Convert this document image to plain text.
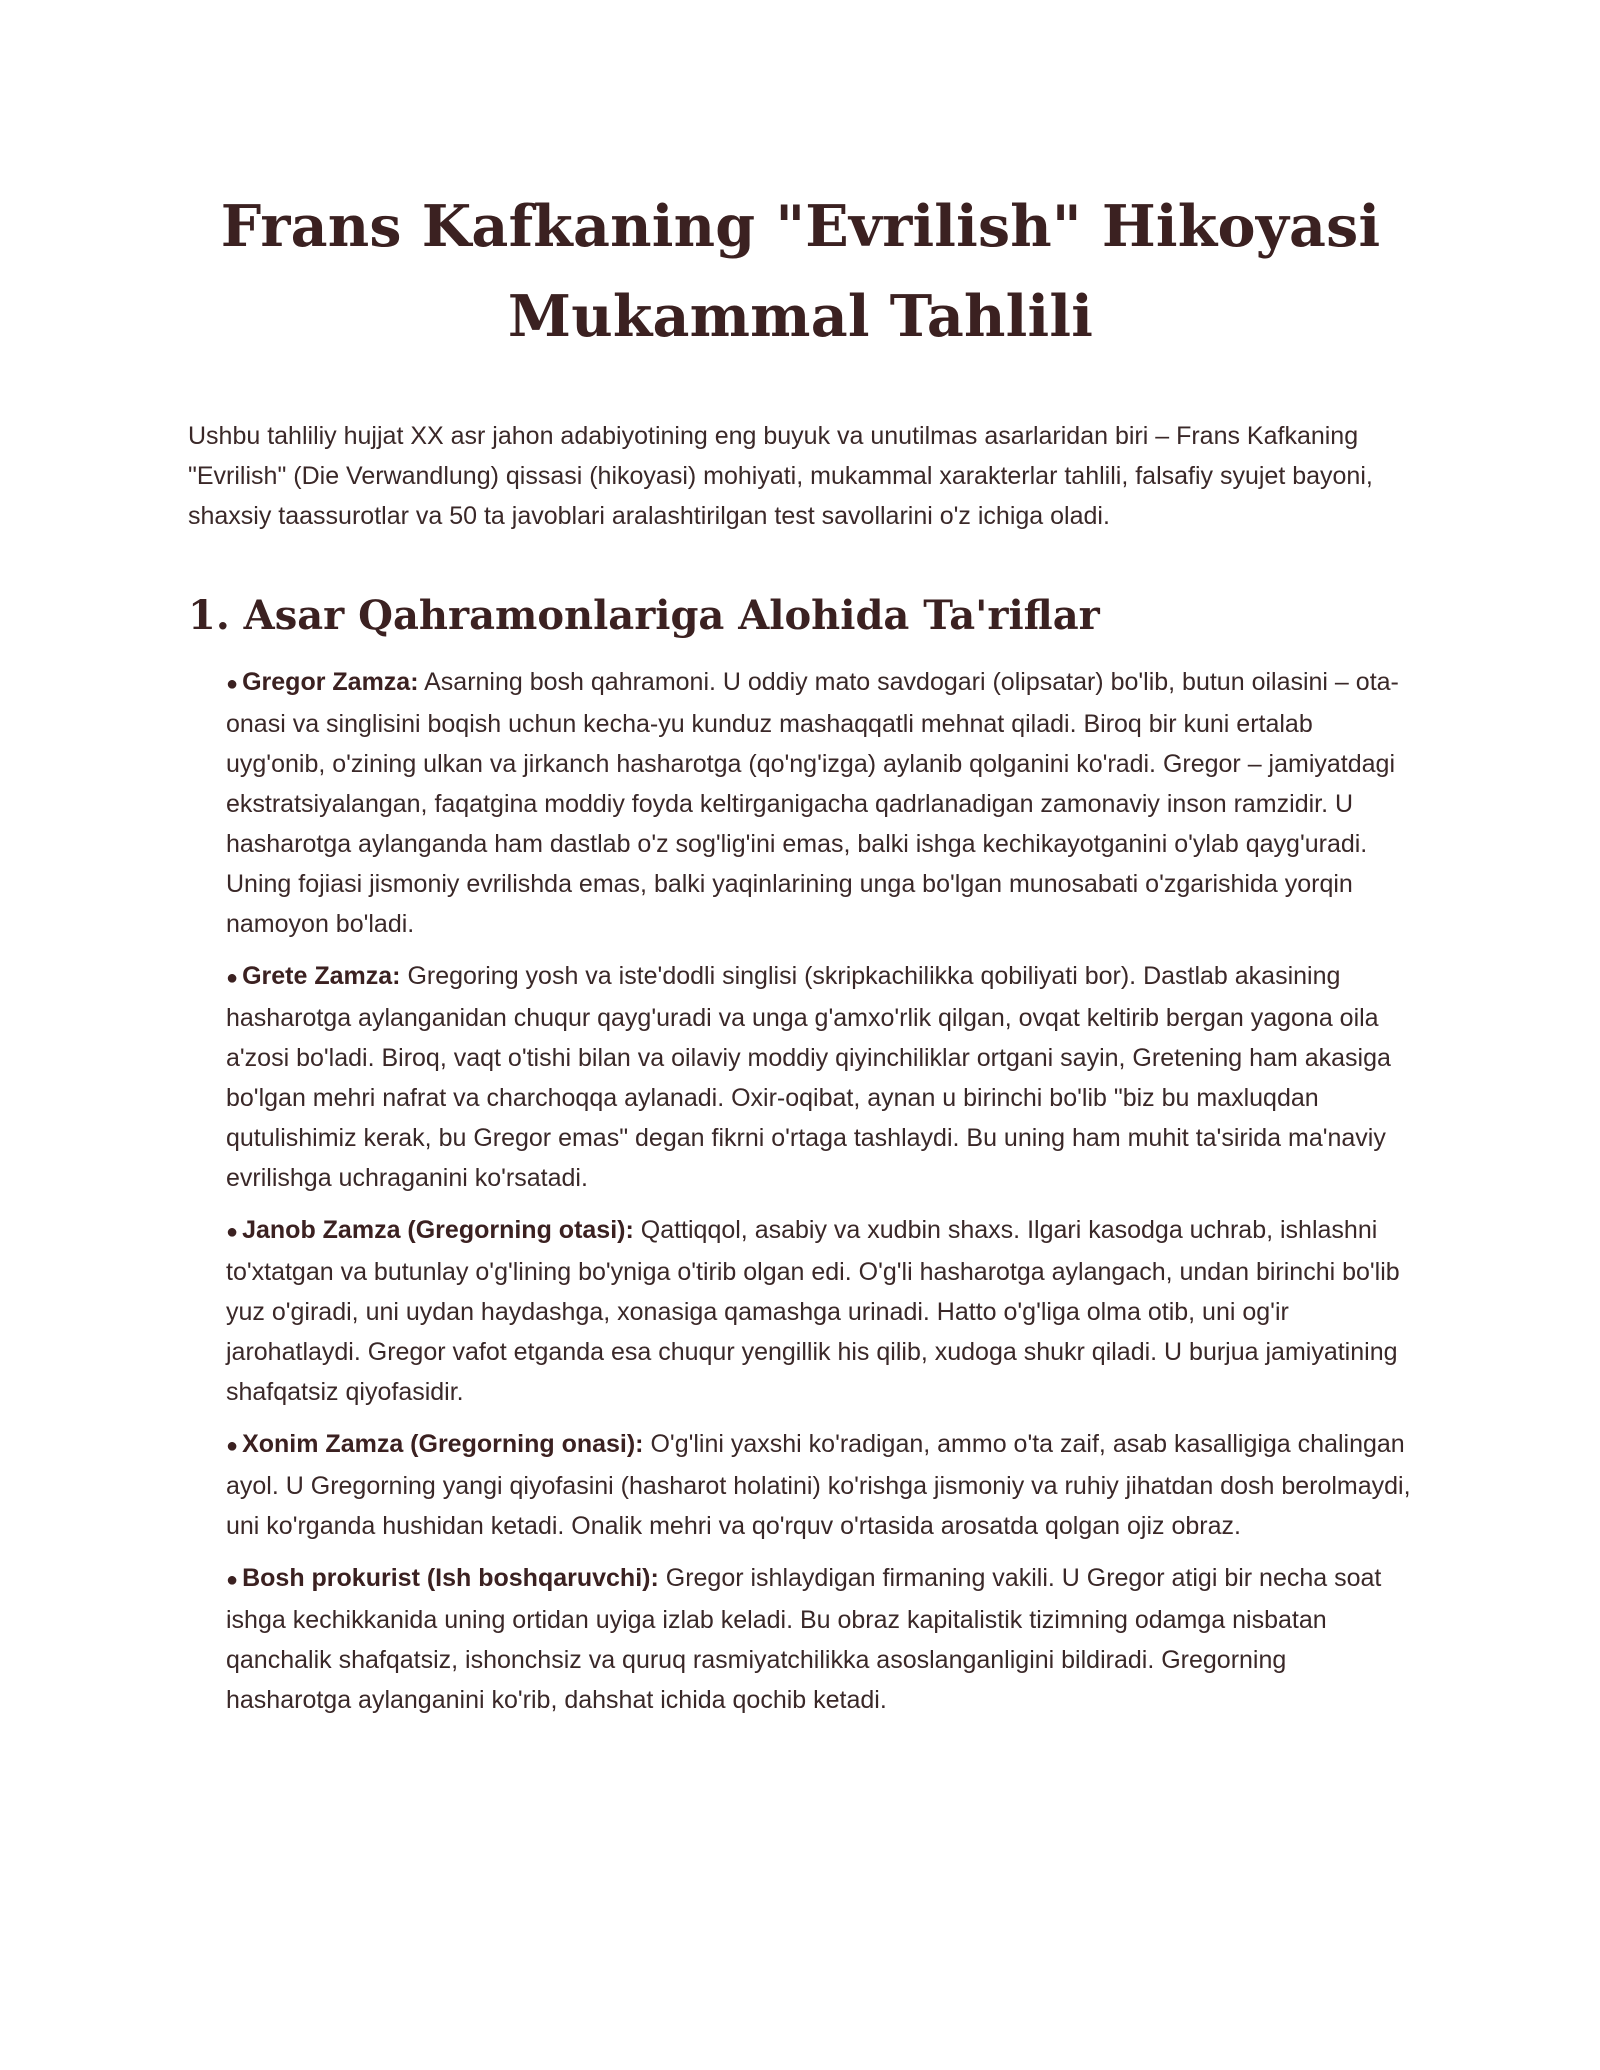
Frans Kafkaning "Evrilish" Hikoyasi Mukammal Tahlili

Ushbu tahliliy hujjat XX asr jahon adabiyotining eng buyuk va unutilmas asarlaridan biri – Frans Kafkaning "Evrilish" (Die Verwandlung) qissasi (hikoyasi) mohiyati, mukammal xarakterlar tahlili, falsafiy syujet bayoni, shaxsiy taassurotlar va 50 ta javoblari aralashtirilgan test savollarini o'z ichiga oladi.

1. Asar Qahramonlariga Alohida Ta'riflar
● Gregor Zamza: Asarning bosh qahramoni. U oddiy mato savdogari (olipsatar) bo'lib, butun oilasini – ota-onasi va singlisini boqish uchun kecha-yu kunduz mashaqqatli mehnat qiladi. Biroq bir kuni ertalab uyg'onib, o'zining ulkan va jirkanch hasharotga (qo'ng'izga) aylanib qolganini ko'radi. Gregor – jamiyatdagi ekstratsiyalangan, faqatgina moddiy foyda keltirganigacha qadrlanadigan zamonaviy inson ramzidir. U hasharotga aylanganda ham dastlab o'z sog'lig'ini emas, balki ishga kechikayotganini o'ylab qayg'uradi. Uning fojiasi jismoniy evrilishda emas, balki yaqinlarining unga bo'lgan munosabati o'zgarishida yorqin namoyon bo'ladi.
● Grete Zamza: Gregoring yosh va iste'dodli singlisi (skripkachilikka qobiliyati bor). Dastlab akasining hasharotga aylanganidan chuqur qayg'uradi va unga g'amxo'rlik qilgan, ovqat keltirib bergan yagona oila a'zosi bo'ladi. Biroq, vaqt o'tishi bilan va oilaviy moddiy qiyinchiliklar ortgani sayin, Gretening ham akasiga bo'lgan mehri nafrat va charchoqqa aylanadi. Oxir-oqibat, aynan u birinchi bo'lib "biz bu maxluqdan qutulishimiz kerak, bu Gregor emas" degan fikrni o'rtaga tashlaydi. Bu uning ham muhit ta'sirida ma'naviy evrilishga uchraganini ko'rsatadi.
● Janob Zamza (Gregorning otasi): Qattiqqol, asabiy va xudbin shaxs. Ilgari kasodga uchrab, ishlashni to'xtatgan va butunlay o'g'lining bo'yniga o'tirib olgan edi. O'g'li hasharotga aylangach, undan birinchi bo'lib yuz o'giradi, uni uydan haydashga, xonasiga qamashga urinadi. Hatto o'g'liga olma otib, uni og'ir jarohatlaydi. Gregor vafot etganda esa chuqur yengillik his qilib, xudoga shukr qiladi. U burjua jamiyatining shafqatsiz qiyofasidir.
● Xonim Zamza (Gregorning onasi): O'g'lini yaxshi ko'radigan, ammo o'ta zaif, asab kasalligiga chalingan ayol. U Gregorning yangi qiyofasini (hasharot holatini) ko'rishga jismoniy va ruhiy jihatdan dosh berolmaydi, uni ko'rganda hushidan ketadi. Onalik mehri va qo'rquv o'rtasida arosatda qolgan ojiz obraz.
● Bosh prokurist (Ish boshqaruvchi): Gregor ishlaydigan firmaning vakili. U Gregor atigi bir necha soat ishga kechikkanida uning ortidan uyiga izlab keladi. Bu obraz kapitalistik tizimning odamga nisbatan qanchalik shafqatsiz, ishonchsiz va quruq rasmiyatchilikka asoslanganligini bildiradi. Gregorning hasharotga aylanganini ko'rib, dahshat ichida qochib ketadi.
